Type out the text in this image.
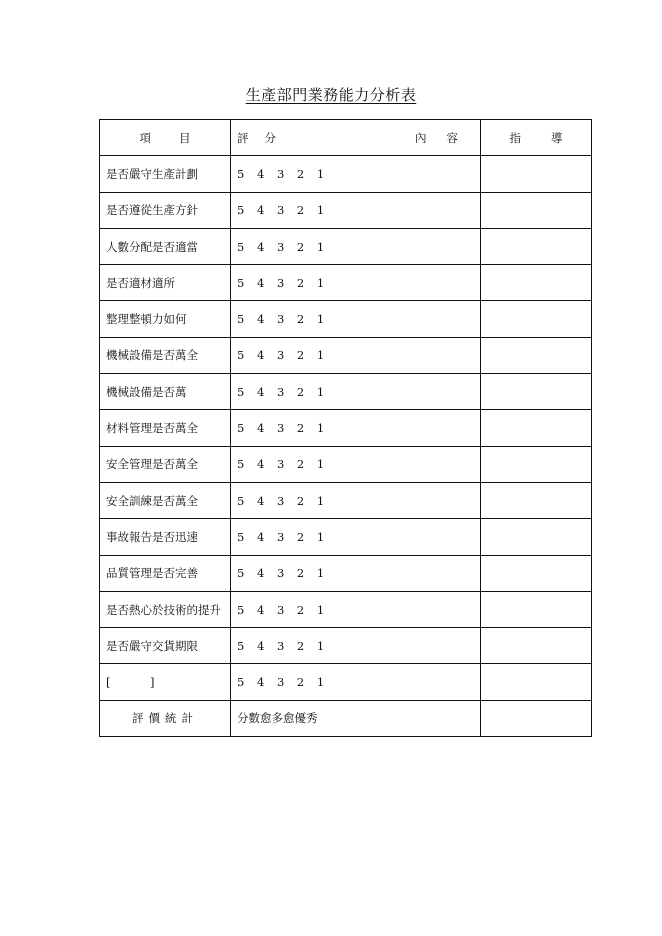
生產部門業務能力分析表
項 目	評 分 內 容	指 導
是否嚴守生產計劃	5 4 3 2 1	
是否遵從生產方針	5 4 3 2 1	
人數分配是否適當	5 4 3 2 1	
是否適材適所	5 4 3 2 1	
整理整頓力如何	5 4 3 2 1	
機械設備是否萬全	5 4 3 2 1	
機械設備是否萬	5 4 3 2 1	
材料管理是否萬全	5 4 3 2 1	
安全管理是否萬全	5 4 3 2 1	
安全訓練是否萬全	5 4 3 2 1	
事故報告是否迅速	5 4 3 2 1	
品質管理是否完善	5 4 3 2 1	
是否熱心於技術的提升	5 4 3 2 1	
是否嚴守交貨期限	5 4 3 2 1	
[ ]	5 4 3 2 1	
評價統計	分數愈多愈優秀	
